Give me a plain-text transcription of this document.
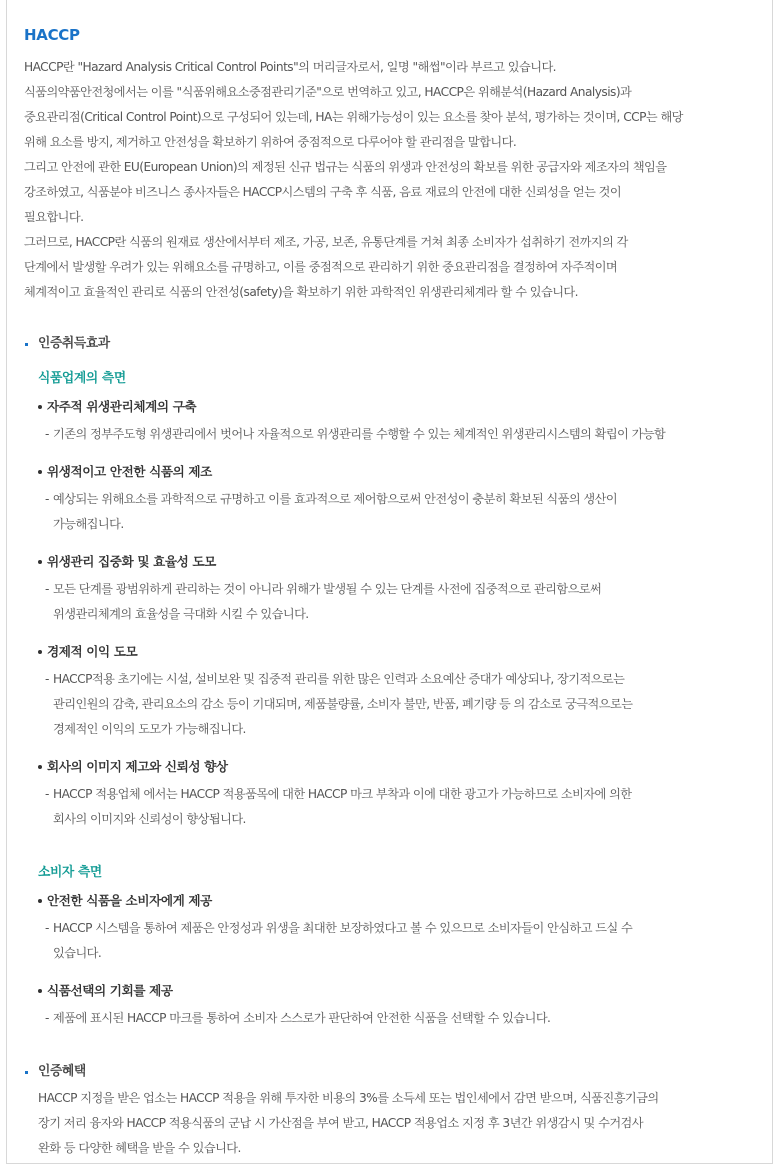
HACCP

HACCP란 "Hazard Analysis Critical Control Points"의 머리글자로서, 일명 "해썹"이라 부르고 있습니다.

식품의약품안전청에서는 이를 "식품위해요소중점관리기준"으로 번역하고 있고, HACCP은 위해분석(Hazard Analysis)과

중요관리점(Critical Control Point)으로 구성되어 있는데, HA는 위해가능성이 있는 요소를 찾아 분석, 평가하는 것이며, CCP는 해당

위해 요소를 방지, 제거하고 안전성을 확보하기 위하여 중점적으로 다루어야 할 관리점을 말합니다.

그리고 안전에 관한 EU(European Union)의 제정된 신규 법규는 식품의 위생과 안전성의 확보를 위한 공급자와 제조자의 책임을

강조하였고, 식품분야 비즈니스 종사자들은 HACCP시스템의 구축 후 식품, 음료 재료의 안전에 대한 신뢰성을 얻는 것이

필요합니다.

그러므로, HACCP란 식품의 원재료 생산에서부터 제조, 가공, 보존, 유통단계를 거쳐 최종 소비자가 섭취하기 전까지의 각

단계에서 발생할 우려가 있는 위해요소를 규명하고, 이를 중점적으로 관리하기 위한 중요관리점을 결정하여 자주적이며

체계적이고 효율적인 관리로 식품의 안전성(safety)을 확보하기 위한 과학적인 위생관리체계라 할 수 있습니다.

인증취득효과
식품업계의 측면
자주적 위생관리체계의 구축
- 기존의 정부주도형 위생관리에서 벗어나 자율적으로 위생관리를 수행할 수 있는 체계적인 위생관리시스템의 확립이 가능함
위생적이고 안전한 식품의 제조
- 예상되는 위해요소를 과학적으로 규명하고 이를 효과적으로 제어함으로써 안전성이 충분히 확보된 식품의 생산이
가능해집니다.
위생관리 집중화 및 효율성 도모
- 모든 단계를 광범위하게 관리하는 것이 아니라 위해가 발생될 수 있는 단계를 사전에 집중적으로 관리함으로써
위생관리체계의 효율성을 극대화 시킬 수 있습니다.
경제적 이익 도모
- HACCP적용 초기에는 시설, 설비보완 및 집중적 관리를 위한 많은 인력과 소요예산 증대가 예상되나, 장기적으로는
관리인원의 감축, 관리요소의 감소 등이 기대되며, 제품불량률, 소비자 불만, 반품, 폐기량 등 의 감소로 궁극적으로는
경제적인 이익의 도모가 가능해집니다.
회사의 이미지 제고와 신뢰성 향상
- HACCP 적용업체 에서는 HACCP 적용품목에 대한 HACCP 마크 부착과 이에 대한 광고가 가능하므로 소비자에 의한
회사의 이미지와 신뢰성이 향상됩니다.
소비자 측면
안전한 식품을 소비자에게 제공
- HACCP 시스템을 통하여 제품은 안정성과 위생을 최대한 보장하였다고 볼 수 있으므로 소비자들이 안심하고 드실 수
있습니다.
식품선택의 기회를 제공
- 제품에 표시된 HACCP 마크를 통하여 소비자 스스로가 판단하여 안전한 식품을 선택할 수 있습니다.
인증혜택

HACCP 지정을 받은 업소는 HACCP 적용을 위해 투자한 비용의 3%를 소득세 또는 법인세에서 감면 받으며, 식품진흥기금의

장기 저리 융자와 HACCP 적용식품의 군납 시 가산점을 부여 받고, HACCP 적용업소 지정 후 3년간 위생감시 및 수거검사

완화 등 다양한 혜택을 받을 수 있습니다.
